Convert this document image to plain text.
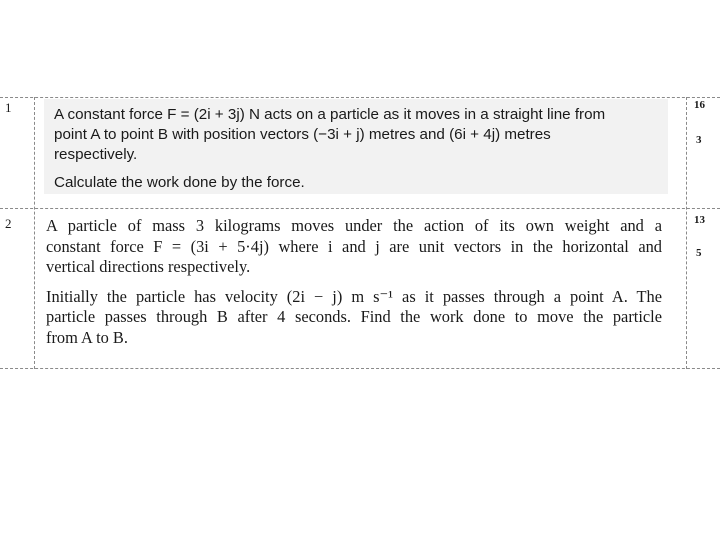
1	16
3

A constant force F = (2i + 3j) N acts on a particle as it moves in a straight line from

point A to point B with position vectors (−3i + j) metres and (6i + 4j) metres

respectively.

Calculate the work done by the force.

2	13
5

A particle of mass 3 kilograms moves under the action of its own weight and a
constant force F = (3i + 5·4j) where i and j are unit vectors in the horizontal and
vertical directions respectively.

Initially the particle has velocity (2i − j) m s⁻¹ as it passes through a point A. The
particle passes through B after 4 seconds. Find the work done to move the particle
from A to B.
